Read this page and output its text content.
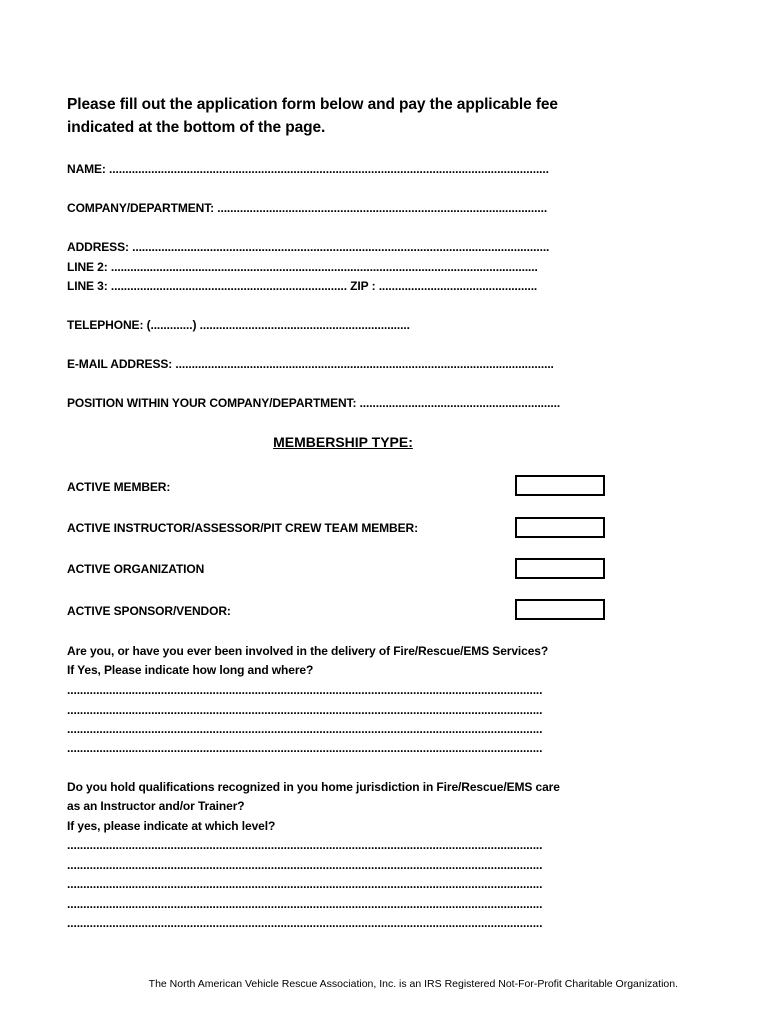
Please fill out the application form below and pay the applicable fee
indicated at the bottom of the page.
NAME: ........................................................................................................................................
COMPANY/DEPARTMENT: ......................................................................................................
ADDRESS: .................................................................................................................................
LINE 2: ....................................................................................................................................
LINE 3: ......................................................................... ZIP : .................................................
TELEPHONE: (.............) .................................................................
E-MAIL ADDRESS: .....................................................................................................................
POSITION WITHIN YOUR COMPANY/DEPARTMENT: ..............................................................
MEMBERSHIP TYPE:
ACTIVE MEMBER:
ACTIVE INSTRUCTOR/ASSESSOR/PIT CREW TEAM MEMBER:
ACTIVE ORGANIZATION
ACTIVE SPONSOR/VENDOR:
Are you, or have you ever been involved in the delivery of Fire/Rescue/EMS Services?
If Yes, Please indicate how long and where?
...................................................................................................................................................
...................................................................................................................................................
...................................................................................................................................................
...................................................................................................................................................
Do you hold qualifications recognized in you home jurisdiction in Fire/Rescue/EMS care
as an Instructor and/or Trainer?
If yes, please indicate at which level?
...................................................................................................................................................
...................................................................................................................................................
...................................................................................................................................................
...................................................................................................................................................
...................................................................................................................................................
The North American Vehicle Rescue Association, Inc. is an IRS Registered Not-For-Profit Charitable Organization.
